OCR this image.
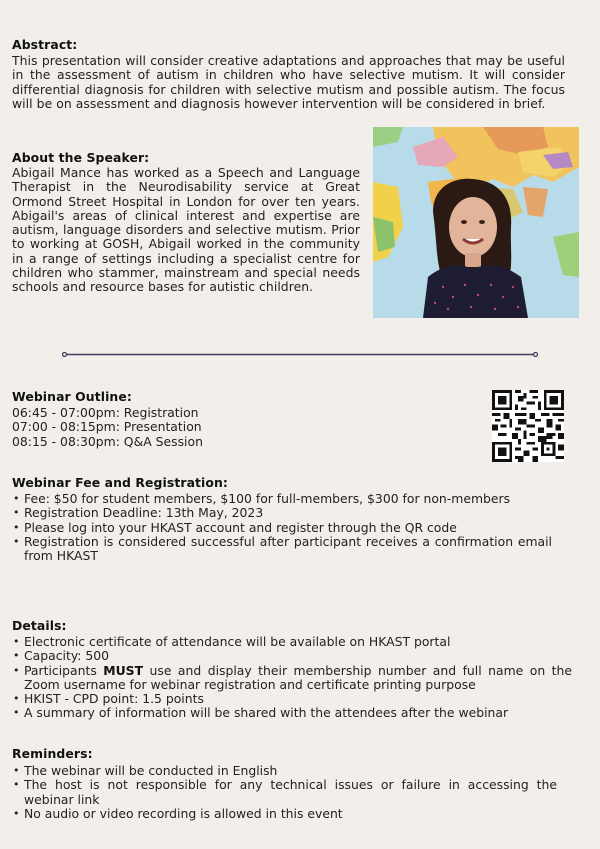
Abstract:
This presentation will consider creative adaptations and approaches that may be useful in the assessment of autism in children who have selective mutism. It will consider differential diagnosis for children with selective mutism and possible autism. The focus will be on assessment and diagnosis however intervention will be considered in brief.
About the Speaker:
Abigail Mance has worked as a Speech and Language Therapist in the Neurodisability service at Great Ormond Street Hospital in London for over ten years. Abigail's areas of clinical interest and expertise are autism, language disorders and selective mutism. Prior to working at GOSH, Abigail worked in the community in a range of settings including a specialist centre for children who stammer, mainstream and special needs schools and resource bases for autistic children.
Webinar Outline:
06:45 - 07:00pm: Registration
07:00 - 08:15pm: Presentation
08:15 - 08:30pm: Q&A Session
Webinar Fee and Registration:
• Fee: $50 for student members, $100 for full-members, $300 for non-members
• Registration Deadline: 13th May, 2023
• Please log into your HKAST account and register through the QR code
• Registration is considered successful after participant receives a confirmation email from HKAST
Details:
• Electronic certificate of attendance will be available on HKAST portal
• Capacity: 500
• Participants MUST use and display their membership number and full name on the Zoom username for webinar registration and certificate printing purpose
• HKIST - CPD point: 1.5 points
• A summary of information will be shared with the attendees after the webinar
Reminders:
• The webinar will be conducted in English
• The host is not responsible for any technical issues or failure in accessing the webinar link
• No audio or video recording is allowed in this event
